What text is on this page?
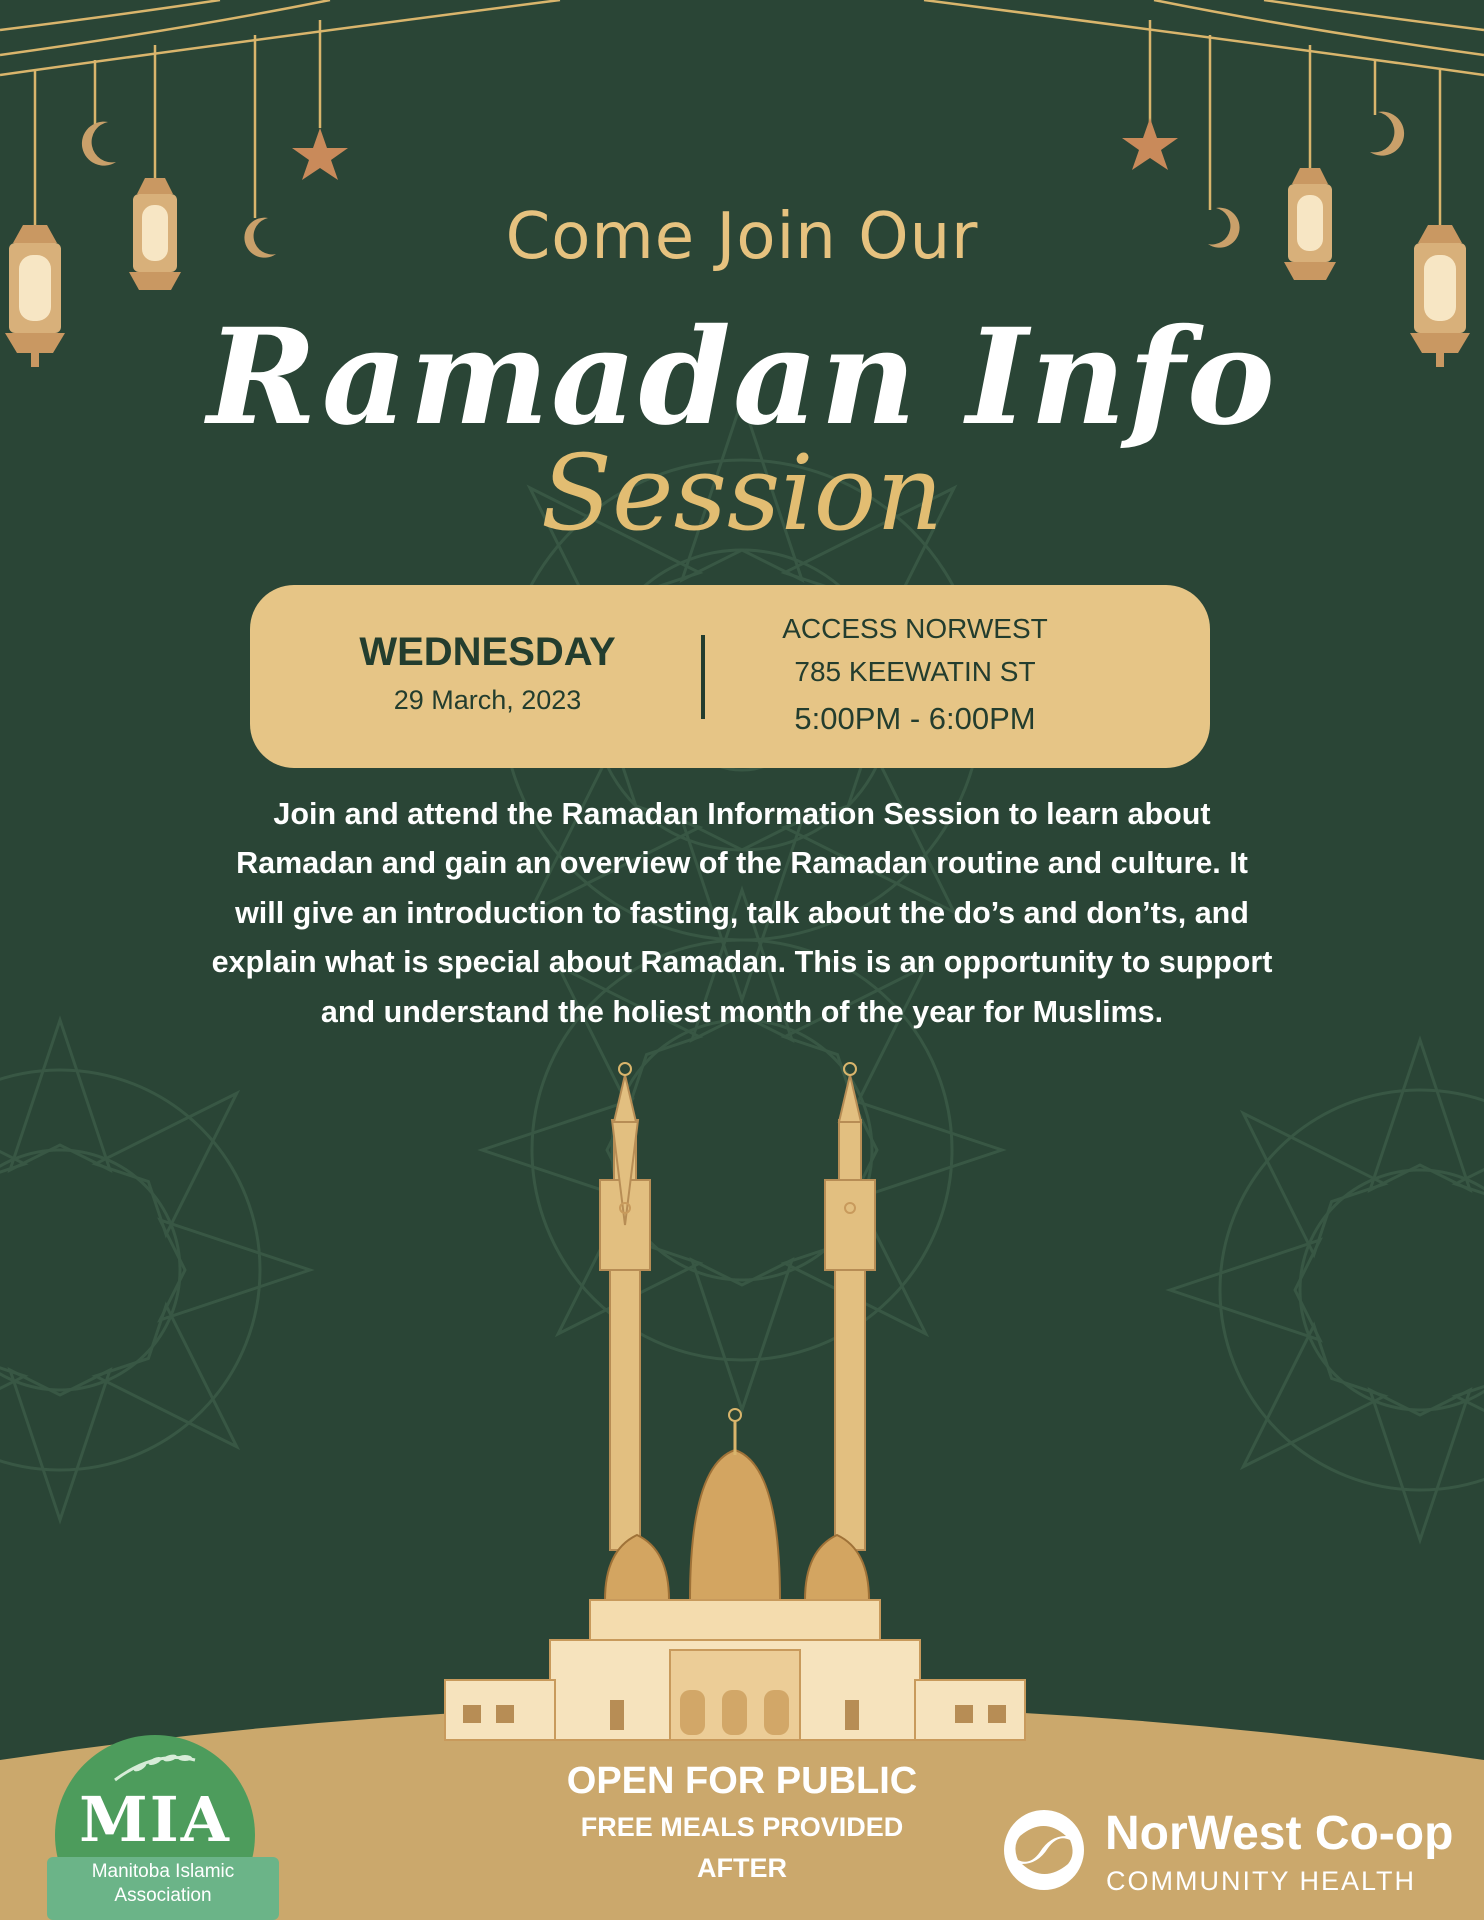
Come Join Our
Ramadan Info
Session
WEDNESDAY
29 March, 2023
ACCESS NORWEST
785 KEEWATIN ST
5:00PM - 6:00PM
Join and attend the Ramadan Information Session to learn about Ramadan and gain an overview of the Ramadan routine and culture. It will give an introduction to fasting, talk about the do’s and don’ts, and explain what is special about Ramadan. This is an opportunity to support and understand the holiest month of the year for Muslims.
OPEN FOR PUBLIC
FREE MEALS PROVIDED
AFTER
MIA
Manitoba Islamic
Association
NorWest Co-op
COMMUNITY HEALTH
